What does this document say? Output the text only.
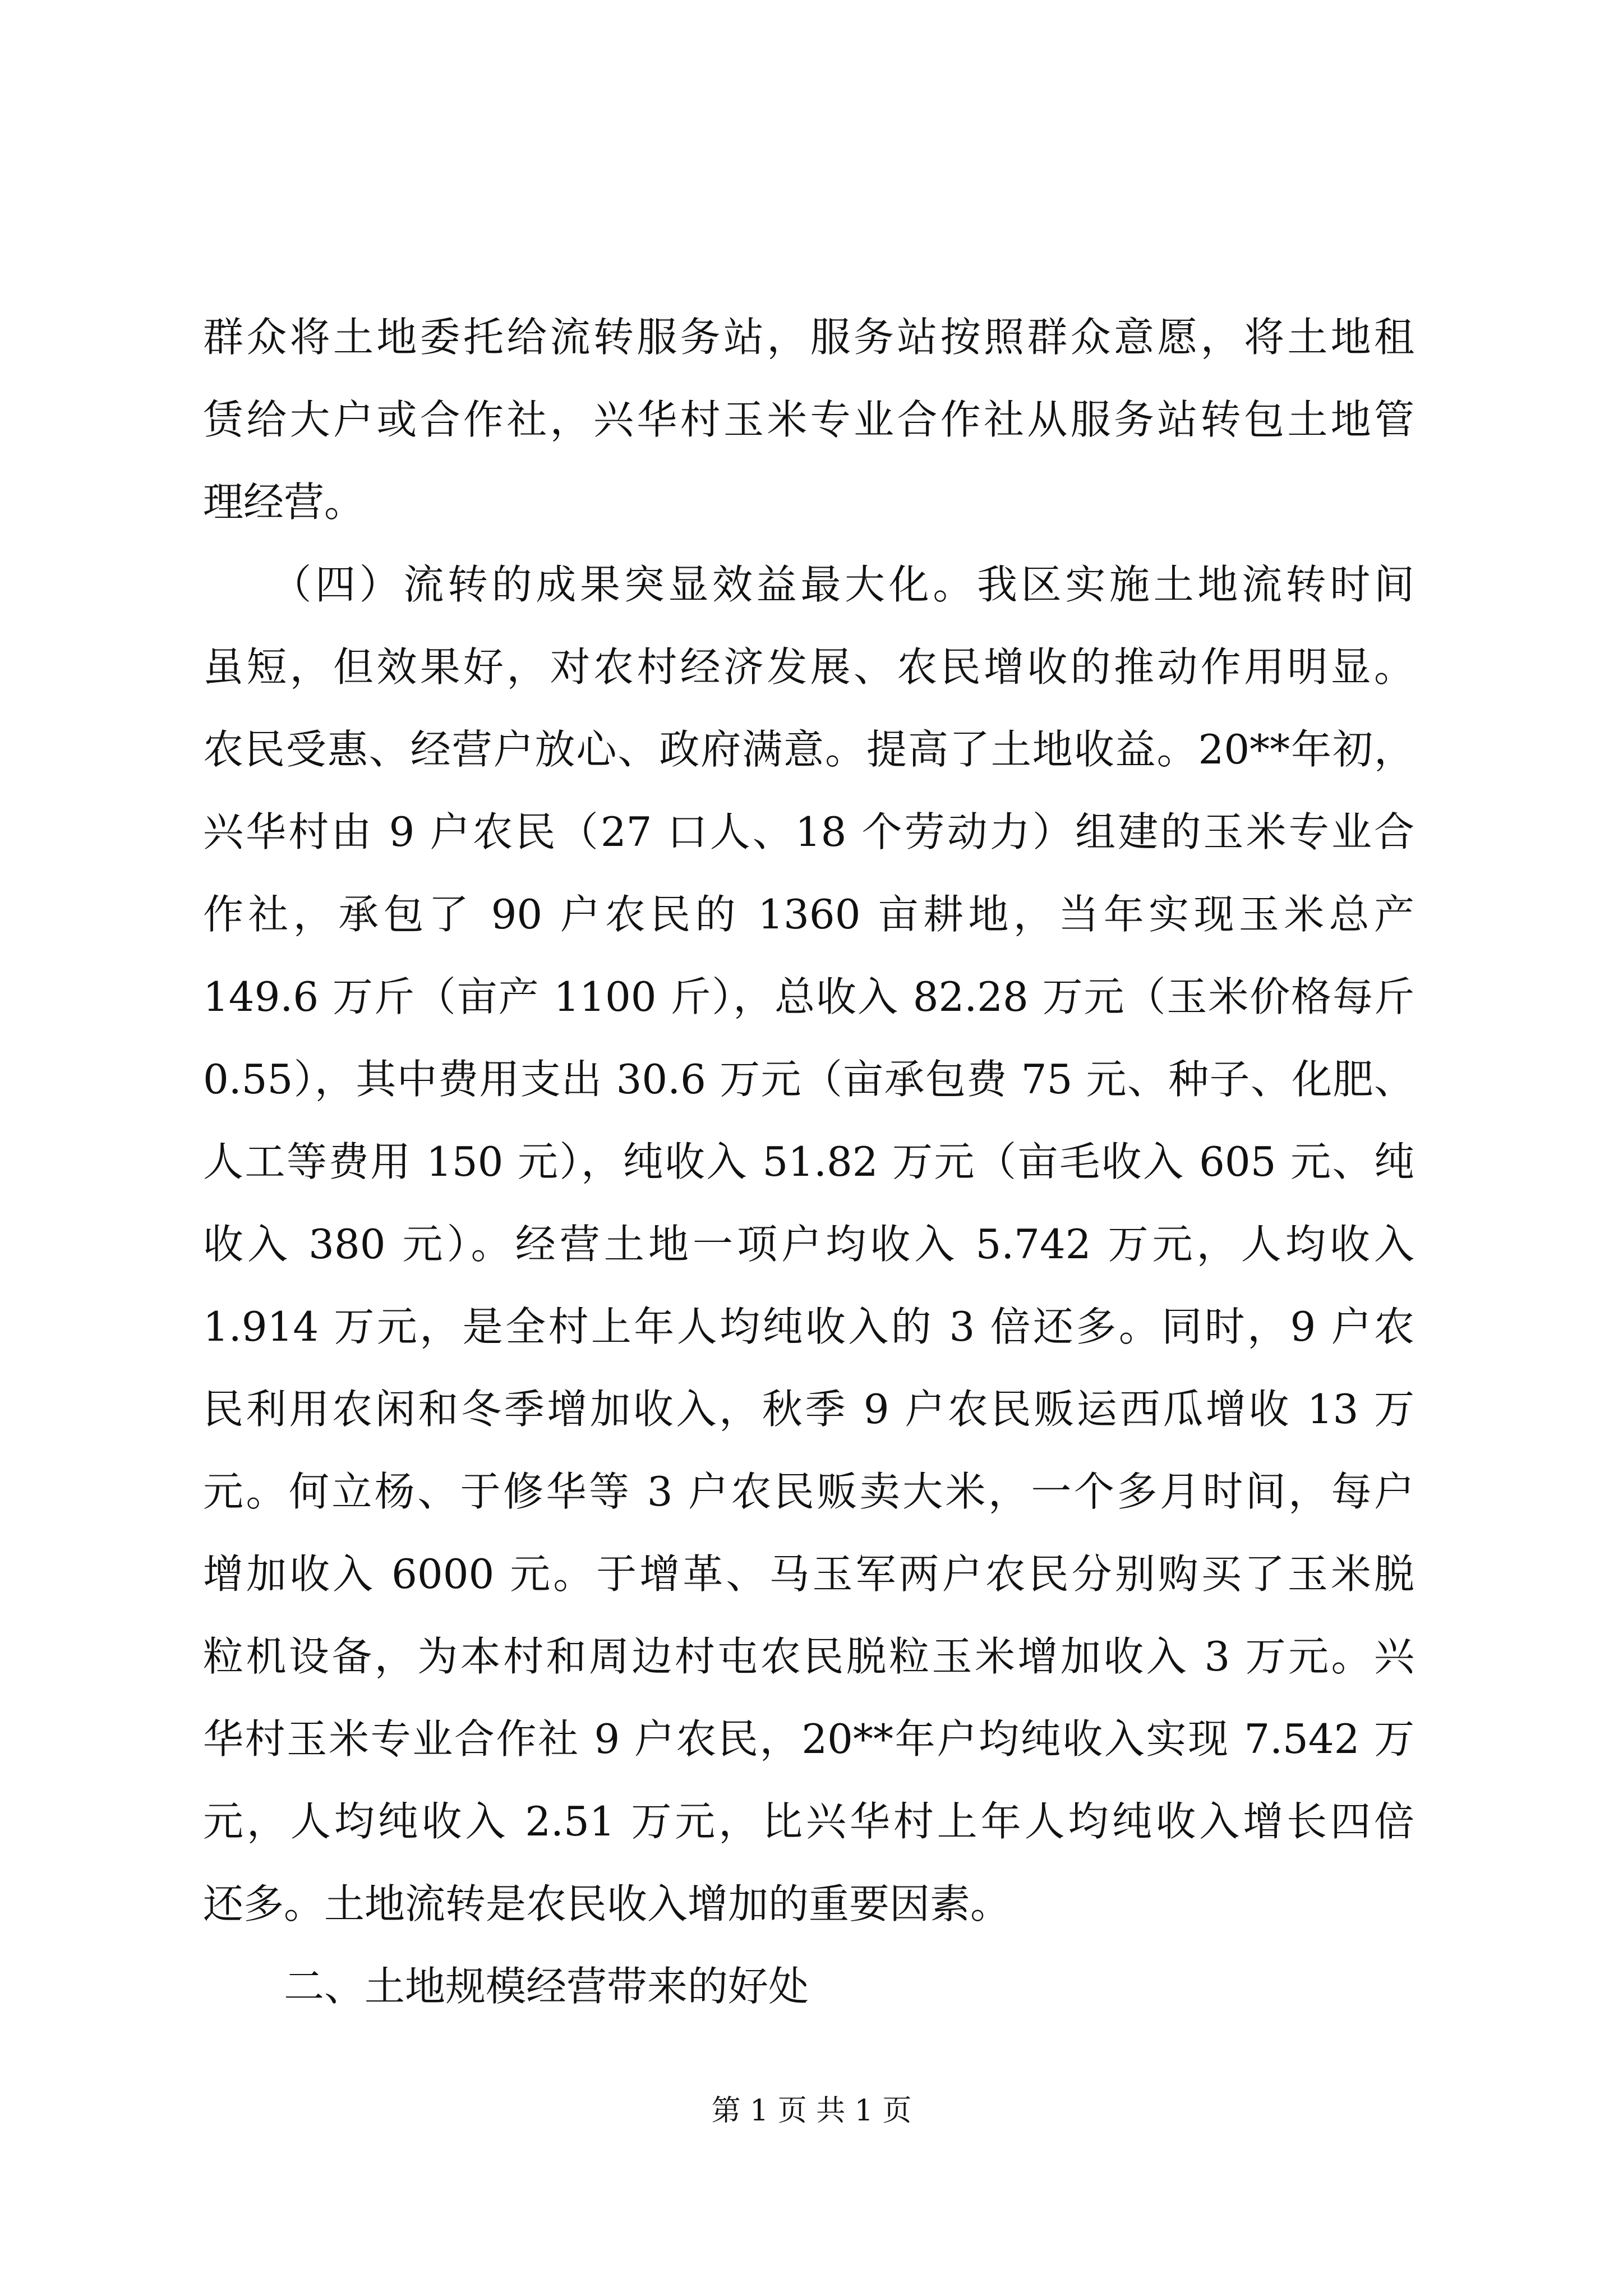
群众将土地委托给流转服务站，服务站按照群众意愿，将土地租
赁给大户或合作社，兴华村玉米专业合作社从服务站转包土地管
理经营。
　　（四）流转的成果突显效益最大化。我区实施土地流转时间
虽短，但效果好，对农村经济发展、农民增收的推动作用明显。
农民受惠、经营户放心、政府满意。提高了土地收益。20**年初，
兴华村由 9 户农民（27 口人、18 个劳动力）组建的玉米专业合
作社，承包了 90 户农民的 1360 亩耕地，当年实现玉米总产
149.6 万斤（亩产 1100 斤），总收入 82.28 万元（玉米价格每斤
0.55），其中费用支出 30.6 万元（亩承包费 75 元、种子、化肥、
人工等费用 150 元），纯收入 51.82 万元（亩毛收入 605 元、纯
收入 380 元）。经营土地一项户均收入 5.742 万元，人均收入
1.914 万元，是全村上年人均纯收入的 3 倍还多。同时，9 户农
民利用农闲和冬季增加收入，秋季 9 户农民贩运西瓜增收 13 万
元。何立杨、于修华等 3 户农民贩卖大米，一个多月时间，每户
增加收入 6000 元。于增革、马玉军两户农民分别购买了玉米脱
粒机设备，为本村和周边村屯农民脱粒玉米增加收入 3 万元。兴
华村玉米专业合作社 9 户农民，20**年户均纯收入实现 7.542 万
元，人均纯收入 2.51 万元，比兴华村上年人均纯收入增长四倍
还多。土地流转是农民收入增加的重要因素。
　　二、土地规模经营带来的好处
第 1 页 共 1 页
